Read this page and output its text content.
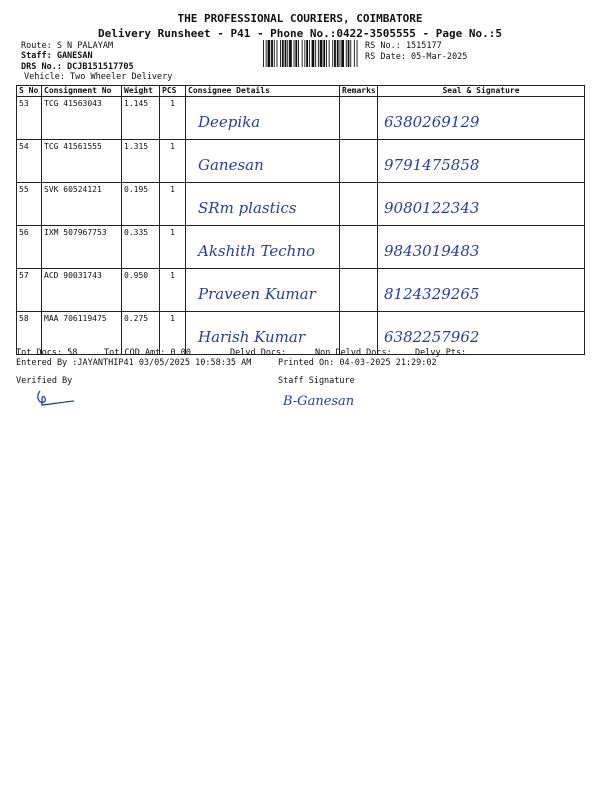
THE PROFESSIONAL COURIERS, COIMBATORE
Delivery Runsheet - P41 - Phone No.:0422-3505555 - Page No.:5
Route: S N PALAYAM
Staff: GANESAN
DRS No.: DCJB151517705
Vehicle: Two Wheeler Delivery
RS No.: 1515177
RS Date: 05-Mar-2025
S No	Consignment No	Weight	PCS	Consignee Details	Remarks	Seal & Signature
53	TCG 41563043	1.145	1	Deepika		6380269129

54	TCG 41561555	1.315	1	Ganesan		9791475858

55	SVK 60524121	0.195	1	SRm plastics		9080122343

56	IXM 507967753	0.335	1	Akshith Techno		9843019483

57	ACD 90031743	0.950	1	Praveen Kumar		8124329265

58	MAA 706119475	0.275	1	Harish Kumar		6382257962
Tot Docs: 58	Tot COD Amt: 0.00	Delvd Docs:	Non Delvd Docs:	Delvy Pts:
Entered By :JAYANTHIP41 03/05/2025 10:58:35 AM	Printed On: 04-03-2025 21:29:02
Verified By	Staff Signature
B-Ganesan
